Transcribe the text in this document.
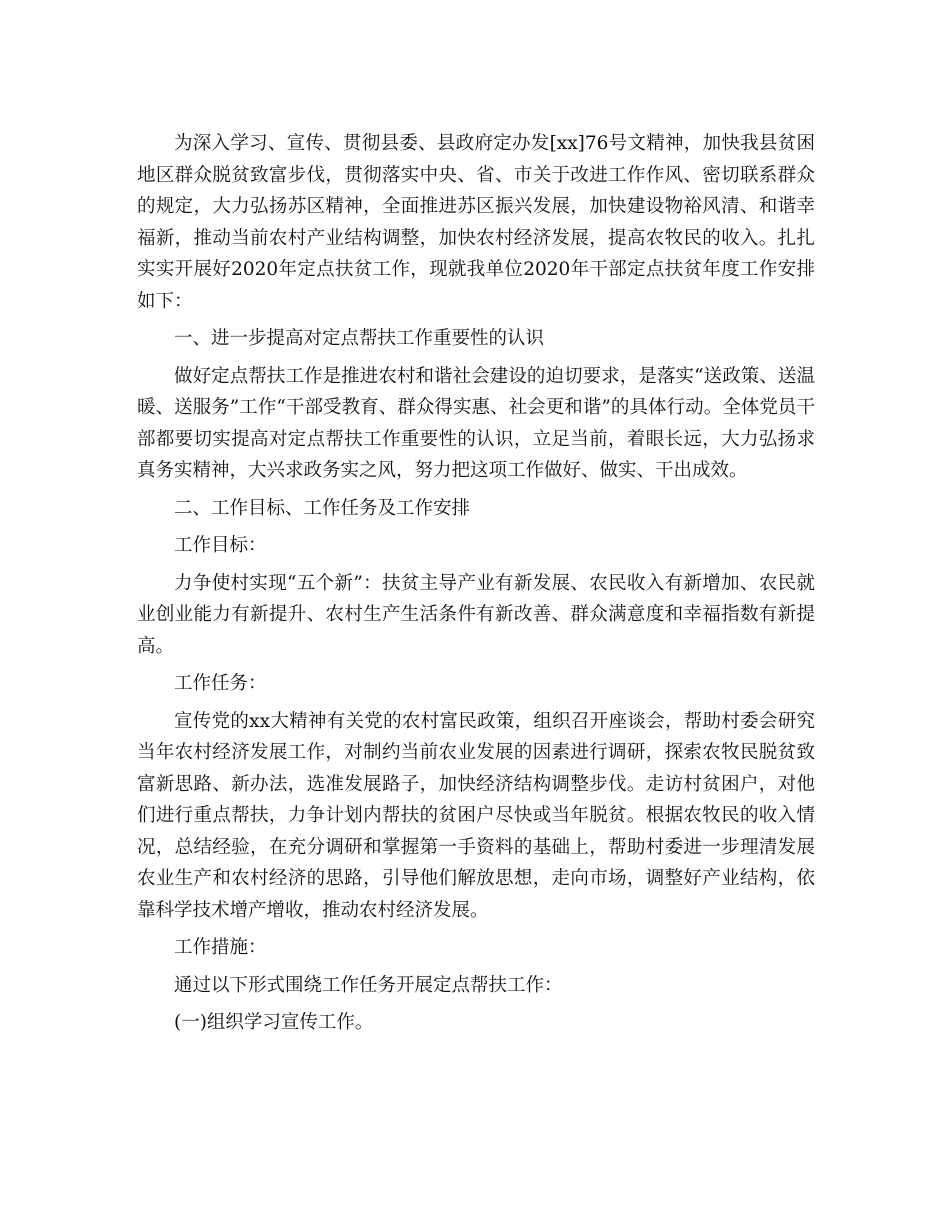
为深入学习、宣传、贯彻县委、县政府定办发[xx]76号文精神，加快我县贫困地区群众脱贫致富步伐，贯彻落实中央、省、市关于改进工作作风、密切联系群众的规定，大力弘扬苏区精神，全面推进苏区振兴发展，加快建设物裕风清、和谐幸福新，推动当前农村产业结构调整，加快农村经济发展，提高农牧民的收入。扎扎实实开展好2020年定点扶贫工作，现就我单位2020年干部定点扶贫年度工作安排如下：

一、进一步提高对定点帮扶工作重要性的认识

做好定点帮扶工作是推进农村和谐社会建设的迫切要求，是落实“送政策、送温暖、送服务”工作“干部受教育、群众得实惠、社会更和谐”的具体行动。全体党员干部都要切实提高对定点帮扶工作重要性的认识，立足当前，着眼长远，大力弘扬求真务实精神，大兴求政务实之风，努力把这项工作做好、做实、干出成效。

二、工作目标、工作任务及工作安排

工作目标：

力争使村实现“五个新”：扶贫主导产业有新发展、农民收入有新增加、农民就业创业能力有新提升、农村生产生活条件有新改善、群众满意度和幸福指数有新提高。

工作任务：

宣传党的xx大精神有关党的农村富民政策，组织召开座谈会，帮助村委会研究当年农村经济发展工作，对制约当前农业发展的因素进行调研，探索农牧民脱贫致富新思路、新办法，选准发展路子，加快经济结构调整步伐。走访村贫困户，对他们进行重点帮扶，力争计划内帮扶的贫困户尽快或当年脱贫。根据农牧民的收入情况，总结经验，在充分调研和掌握第一手资料的基础上，帮助村委进一步理清发展农业生产和农村经济的思路，引导他们解放思想，走向市场，调整好产业结构，依靠科学技术增产增收，推动农村经济发展。

工作措施：

通过以下形式围绕工作任务开展定点帮扶工作：

(一)组织学习宣传工作。
